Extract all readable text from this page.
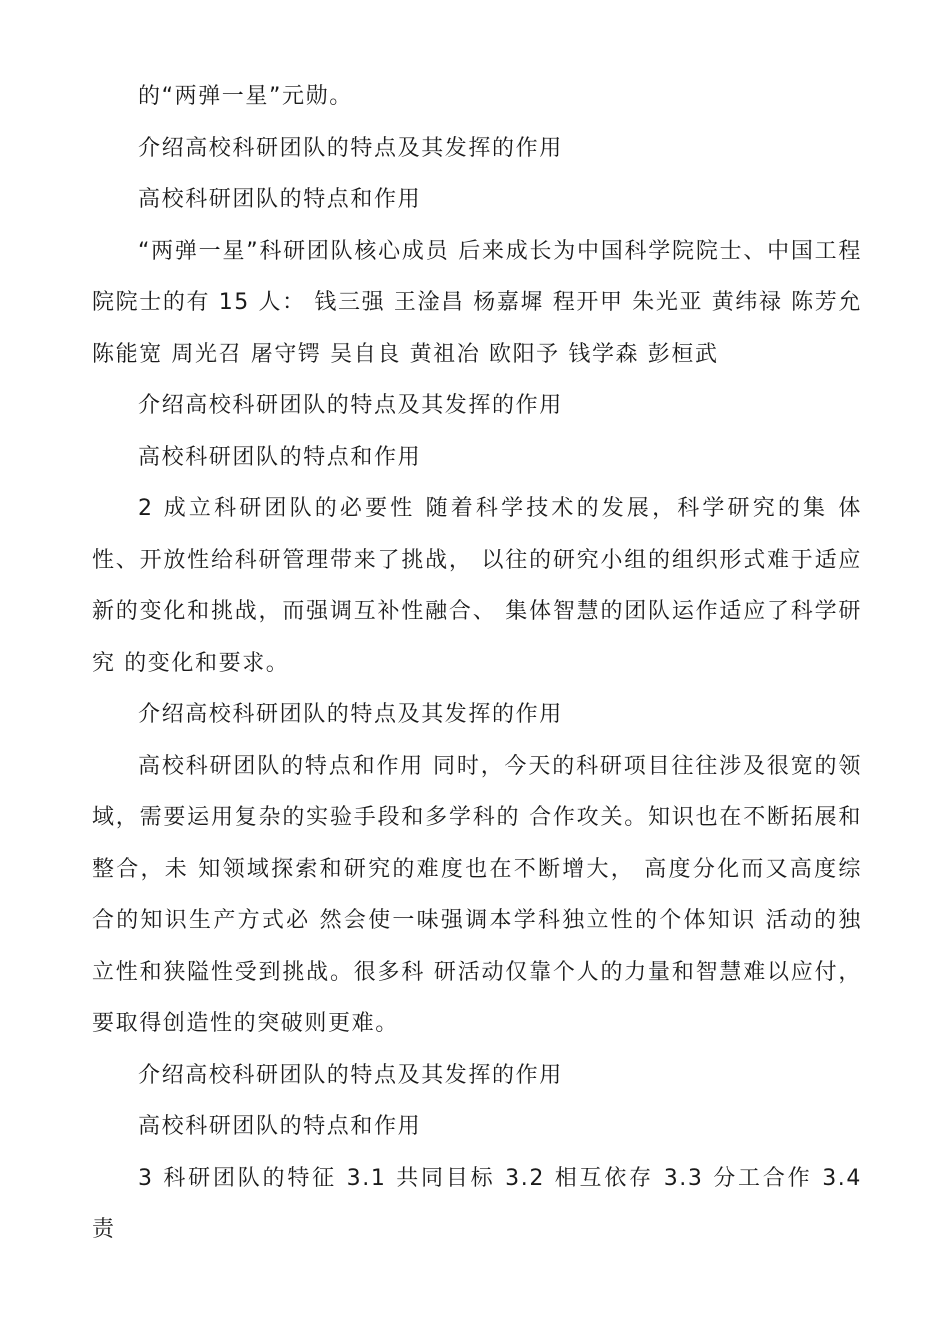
的“两弹一星”元勋。

介绍高校科研团队的特点及其发挥的作用

高校科研团队的特点和作用

“两弹一星”科研团队核心成员 后来成长为中国科学院院士、中国工程院院士的有 15 人： 钱三强 王淦昌 杨嘉墀 程开甲 朱光亚 黄纬禄 陈芳允 陈能宽 周光召 屠守锷 吴自良 黄祖冶 欧阳予 钱学森 彭桓武

介绍高校科研团队的特点及其发挥的作用

高校科研团队的特点和作用

2 成立科研团队的必要性 随着科学技术的发展，科学研究的集 体性、开放性给科研管理带来了挑战， 以往的研究小组的组织形式难于适应 新的变化和挑战，而强调互补性融合、 集体智慧的团队运作适应了科学研究 的变化和要求。

介绍高校科研团队的特点及其发挥的作用

高校科研团队的特点和作用 同时，今天的科研项目往往涉及很宽的领 域，需要运用复杂的实验手段和多学科的 合作攻关。知识也在不断拓展和整合，未 知领域探索和研究的难度也在不断增大， 高度分化而又高度综合的知识生产方式必 然会使一味强调本学科独立性的个体知识 活动的独立性和狭隘性受到挑战。很多科 研活动仅靠个人的力量和智慧难以应付， 要取得创造性的突破则更难。

介绍高校科研团队的特点及其发挥的作用

高校科研团队的特点和作用

3 科研团队的特征 3.1 共同目标 3.2 相互依存 3.3 分工合作 3.4 责
